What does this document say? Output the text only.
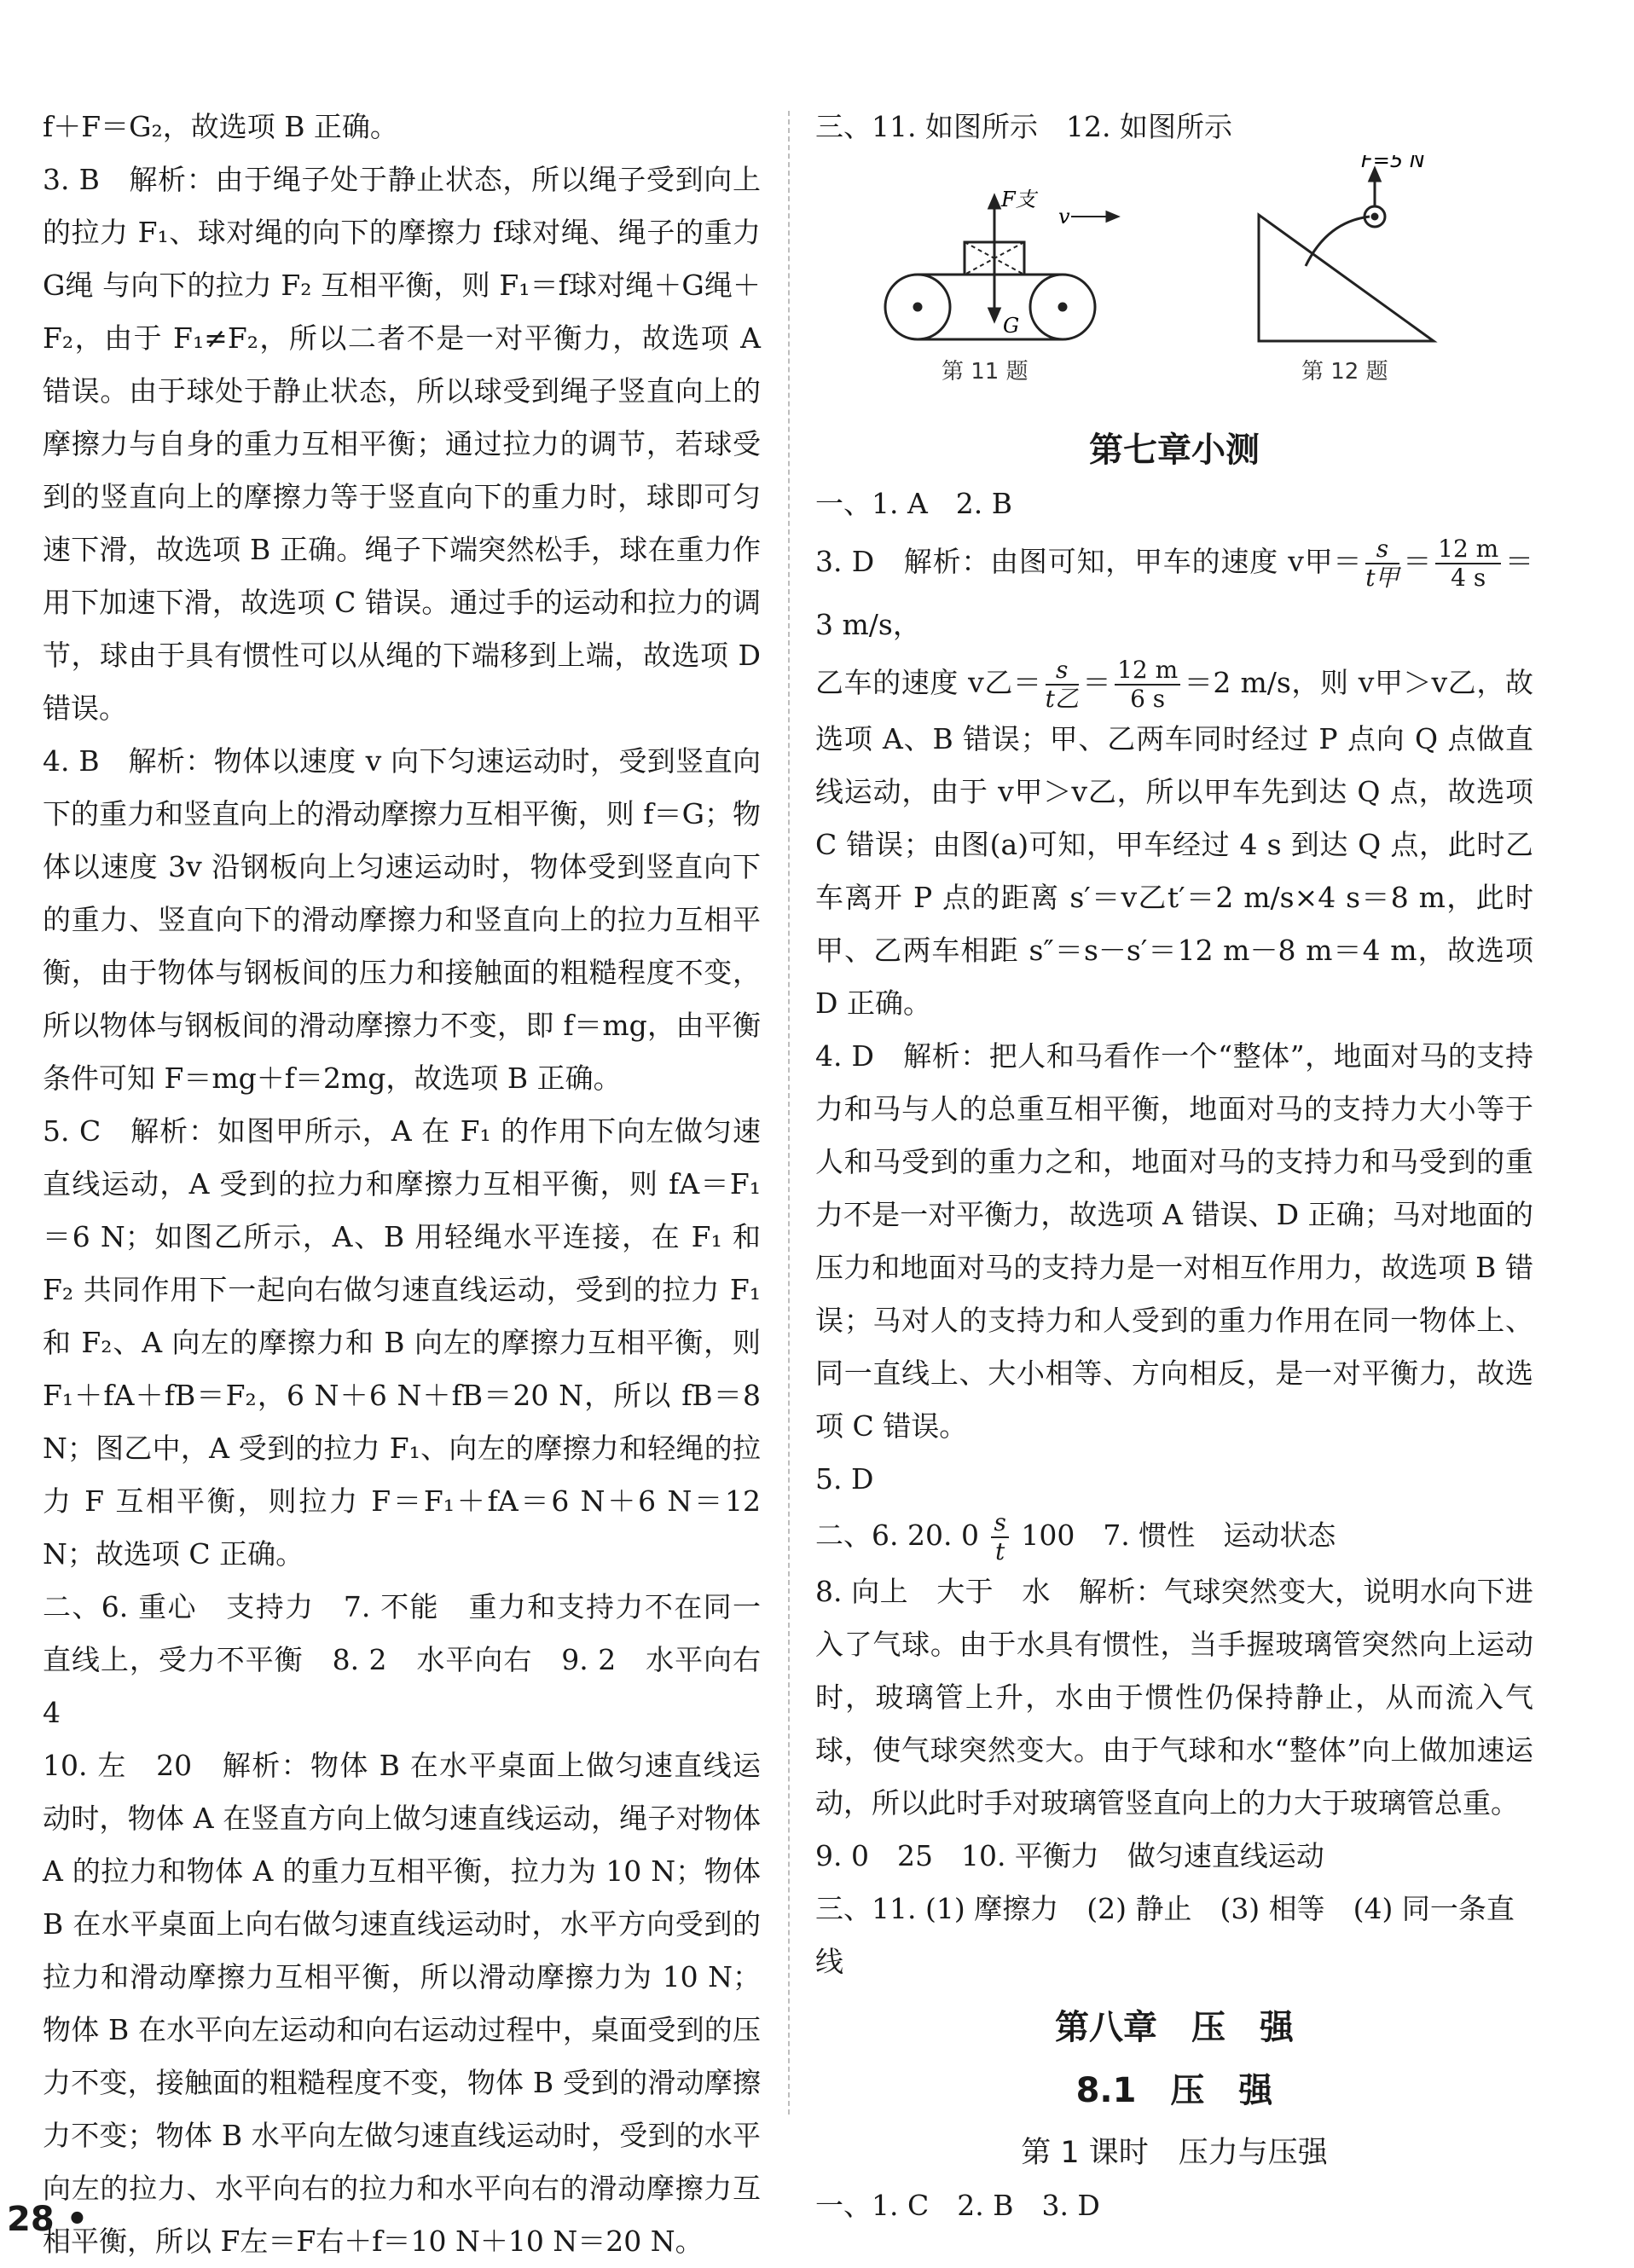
f＋F＝G₂，故选项 B 正确。

3. B　解析：由于绳子处于静止状态，所以绳子受到向上的拉力 F₁、球对绳的向下的摩擦力 f球对绳、绳子的重力 G绳 与向下的拉力 F₂ 互相平衡，则 F₁＝f球对绳＋G绳＋F₂，由于 F₁≠F₂，所以二者不是一对平衡力，故选项 A 错误。由于球处于静止状态，所以球受到绳子竖直向上的摩擦力与自身的重力互相平衡；通过拉力的调节，若球受到的竖直向上的摩擦力等于竖直向下的重力时，球即可匀速下滑，故选项 B 正确。绳子下端突然松手，球在重力作用下加速下滑，故选项 C 错误。通过手的运动和拉力的调节，球由于具有惯性可以从绳的下端移到上端，故选项 D 错误。

4. B　解析：物体以速度 v 向下匀速运动时，受到竖直向下的重力和竖直向上的滑动摩擦力互相平衡，则 f＝G；物体以速度 3v 沿钢板向上匀速运动时，物体受到竖直向下的重力、竖直向下的滑动摩擦力和竖直向上的拉力互相平衡，由于物体与钢板间的压力和接触面的粗糙程度不变，所以物体与钢板间的滑动摩擦力不变，即 f＝mg，由平衡条件可知 F＝mg＋f＝2mg，故选项 B 正确。

5. C　解析：如图甲所示，A 在 F₁ 的作用下向左做匀速直线运动，A 受到的拉力和摩擦力互相平衡，则 fA＝F₁＝6 N；如图乙所示，A、B 用轻绳水平连接，在 F₁ 和 F₂ 共同作用下一起向右做匀速直线运动，受到的拉力 F₁ 和 F₂、A 向左的摩擦力和 B 向左的摩擦力互相平衡，则 F₁＋fA＋fB＝F₂，6 N＋6 N＋fB＝20 N，所以 fB＝8 N；图乙中，A 受到的拉力 F₁、向左的摩擦力和轻绳的拉力 F 互相平衡，则拉力 F＝F₁＋fA＝6 N＋6 N＝12 N；故选项 C 正确。

二、6. 重心　支持力　7. 不能　重力和支持力不在同一直线上，受力不平衡　8. 2　水平向右　9. 2　水平向右　4

10. 左　20　解析：物体 B 在水平桌面上做匀速直线运动时，物体 A 在竖直方向上做匀速直线运动，绳子对物体 A 的拉力和物体 A 的重力互相平衡，拉力为 10 N；物体 B 在水平桌面上向右做匀速直线运动时，水平方向受到的拉力和滑动摩擦力互相平衡，所以滑动摩擦力为 10 N；物体 B 在水平向左运动和向右运动过程中，桌面受到的压力不变，接触面的粗糙程度不变，物体 B 受到的滑动摩擦力不变；物体 B 水平向左做匀速直线运动时，受到的水平向左的拉力、水平向右的拉力和水平向右的滑动摩擦力互相平衡，所以 F左＝F右＋f＝10 N＋10 N＝20 N。

三、11. 如图所示　12. 如图所示

F支
v
G
第 11 题
F=5 N
第 12 题
第七章小测

一、1. A　2. B

3. D　解析：由图可知，甲车的速度 v甲＝ $\frac{s}{\text{t甲}} = \frac{12 m}{4 s} =3$ m/s，

乙车的速度 v乙＝ $\frac{s}{\text{t乙}} = \frac{12 m}{6 s} =2$ m/s，则 v甲＞v乙，故选项 A、B 错误；甲、乙两车同时经过 P 点向 Q 点做直线运动，由于 v甲＞v乙，所以甲车先到达 Q 点，故选项 C 错误；由图(a)可知，甲车经过 4 s 到达 Q 点，此时乙车离开 P 点的距离 s′＝v乙t′＝2 m/s×4 s＝8 m，此时甲、乙两车相距 s″＝s－s′＝12 m－8 m＝4 m，故选项 D 正确。

4. D　解析：把人和马看作一个“整体”，地面对马的支持力和马与人的总重互相平衡，地面对马的支持力大小等于人和马受到的重力之和，地面对马的支持力和马受到的重力不是一对平衡力，故选项 A 错误、D 正确；马对地面的压力和地面对马的支持力是一对相互作用力，故选项 B 错误；马对人的支持力和人受到的重力作用在同一物体上、同一直线上、大小相等、方向相反，是一对平衡力，故选项 C 错误。

5. D

二、6. 20. $0 \frac{s}{t} 100$　7. 惯性　运动状态

8. 向上　大于　水　解析：气球突然变大，说明水向下进入了气球。由于水具有惯性，当手握玻璃管突然向上运动时，玻璃管上升，水由于惯性仍保持静止，从而流入气球，使气球突然变大。由于气球和水“整体”向上做加速运动，所以此时手对玻璃管竖直向上的力大于玻璃管总重。

9. 0　25　10. 平衡力　做匀速直线运动

三、11. (1) 摩擦力　(2) 静止　(3) 相等　(4) 同一条直线

第八章　压　强
8.1　压　强
第 1 课时　压力与压强

一、1. C　2. B　3. D

28 •
